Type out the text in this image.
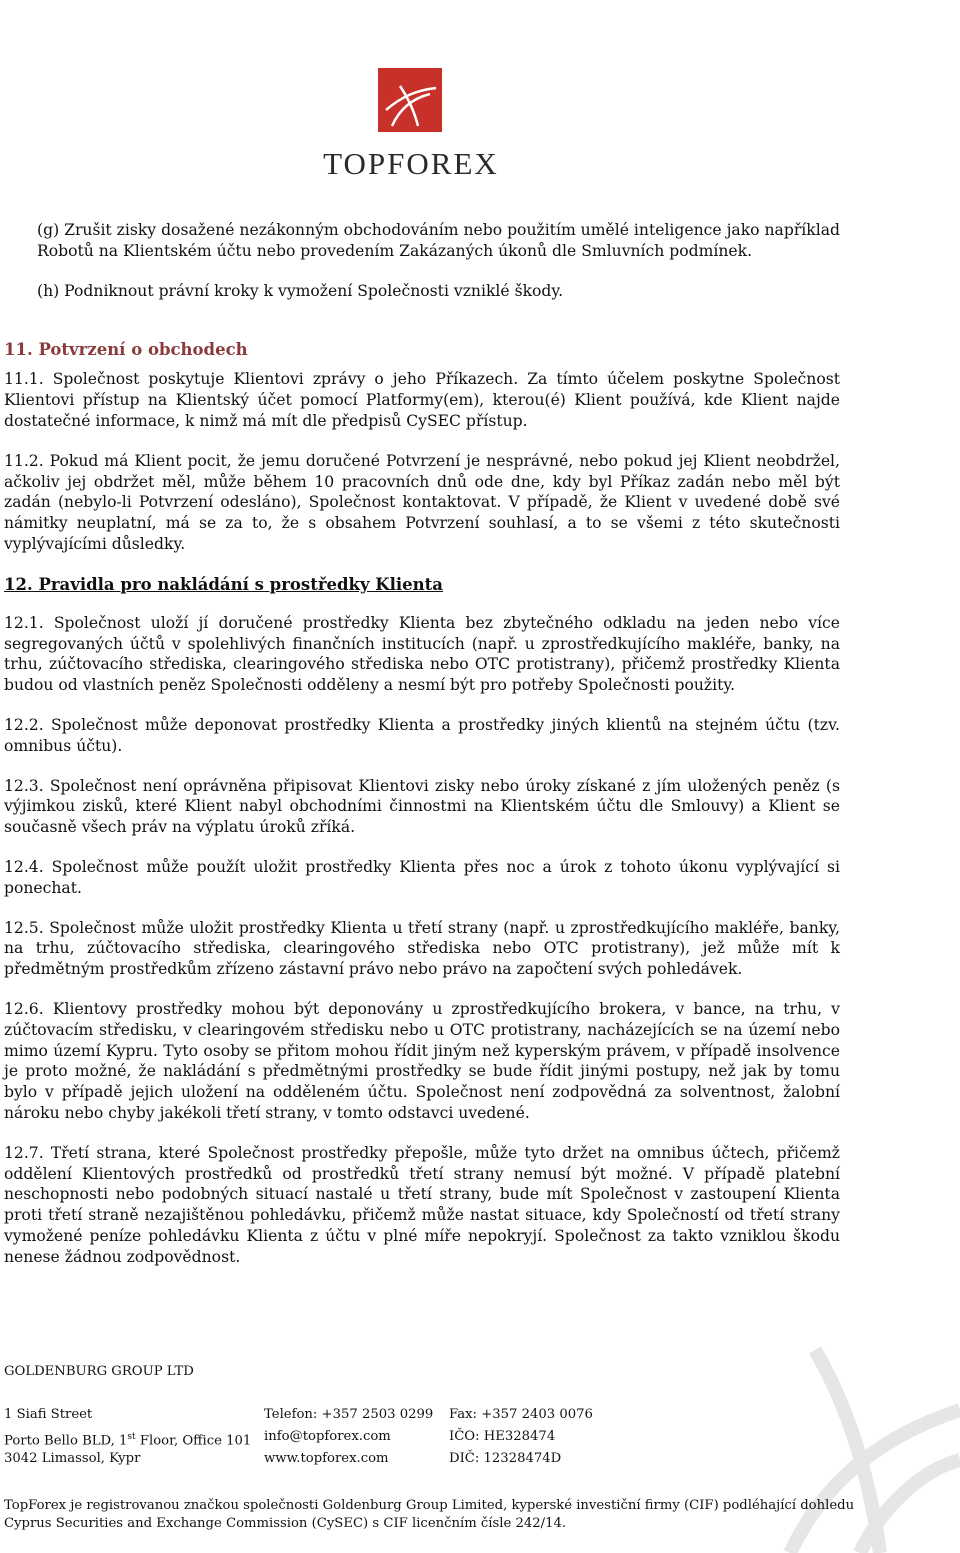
TOPFOREX

(g) Zrušit zisky dosažené nezákonným obchodováním nebo použitím umělé inteligence jako například Robotů na Klientském účtu nebo provedením Zakázaných úkonů dle Smluvních podmínek.

(h) Podniknout právní kroky k vymožení Společnosti vzniklé škody.

11. Potvrzení o obchodech

11.1. Společnost poskytuje Klientovi zprávy o jeho Příkazech. Za tímto účelem poskytne Společnost Klientovi přístup na Klientský účet pomocí Platformy(em), kterou(é) Klient používá, kde Klient najde dostatečné informace, k nimž má mít dle předpisů CySEC přístup.

11.2. Pokud má Klient pocit, že jemu doručené Potvrzení je nesprávné, nebo pokud jej Klient neobdržel, ačkoliv jej obdržet měl, může během 10 pracovních dnů ode dne, kdy byl Příkaz zadán nebo měl být zadán (nebylo-li Potvrzení odesláno), Společnost kontaktovat. V případě, že Klient v uvedené době své námitky neuplatní, má se za to, že s obsahem Potvrzení souhlasí, a to se všemi z této skutečnosti vyplývajícími důsledky.

12. Pravidla pro nakládání s prostředky Klienta

12.1. Společnost uloží jí doručené prostředky Klienta bez zbytečného odkladu na jeden nebo více segregovaných účtů v spolehlivých finančních institucích (např. u zprostředkujícího makléře, banky, na trhu, zúčtovacího střediska, clearingového střediska nebo OTC protistrany), přičemž prostředky Klienta budou od vlastních peněz Společnosti odděleny a nesmí být pro potřeby Společnosti použity.

12.2. Společnost může deponovat prostředky Klienta a prostředky jiných klientů na stejném účtu (tzv. omnibus účtu).

12.3. Společnost není oprávněna připisovat Klientovi zisky nebo úroky získané z jím uložených peněz (s výjimkou zisků, které Klient nabyl obchodními činnostmi na Klientském účtu dle Smlouvy) a Klient se současně všech práv na výplatu úroků zříká.

12.4. Společnost může použít uložit prostředky Klienta přes noc a úrok z tohoto úkonu vyplývající si ponechat.

12.5. Společnost může uložit prostředky Klienta u třetí strany (např. u zprostředkujícího makléře, banky, na trhu, zúčtovacího střediska, clearingového střediska nebo OTC protistrany), jež může mít k předmětným prostředkům zřízeno zástavní právo nebo právo na započtení svých pohledávek.

12.6. Klientovy prostředky mohou být deponovány u zprostředkujícího brokera, v bance, na trhu, v zúčtovacím středisku, v clearingovém středisku nebo u OTC protistrany, nacházejících se na území nebo mimo území Kypru. Tyto osoby se přitom mohou řídit jiným než kyperským právem, v případě insolvence je proto možné, že nakládání s předmětnými prostředky se bude řídit jinými postupy, než jak by tomu bylo v případě jejich uložení na odděleném účtu. Společnost není zodpovědná za solventnost, žalobní nároku nebo chyby jakékoli třetí strany, v tomto odstavci uvedené.

12.7. Třetí strana, které Společnost prostředky přepošle, může tyto držet na omnibus účtech, přičemž oddělení Klientových prostředků od prostředků třetí strany nemusí být možné. V případě platební neschopnosti nebo podobných situací nastalé u třetí strany, bude mít Společnost v zastoupení Klienta proti třetí straně nezajištěnou pohledávku, přičemž může nastat situace, kdy Společností od třetí strany vymožené peníze pohledávku Klienta z účtu v plné míře nepokryjí. Společnost za takto vzniklou škodu nenese žádnou zodpovědnost.

GOLDENBURG GROUP LTD
1 Siafi Street
Porto Bello BLD, 1st Floor, Office 101
3042 Limassol, Kypr
Telefon: +357 2503 0299
info@topforex.com
www.topforex.com
Fax: +357 2403 0076
IČO: HE328474
DIČ: 12328474D
TopForex je registrovanou značkou společnosti Goldenburg Group Limited, kyperské investiční firmy (CIF) podléhající dohledu Cyprus Securities and Exchange Commission (CySEC) s CIF licenčním čísle 242/14.
